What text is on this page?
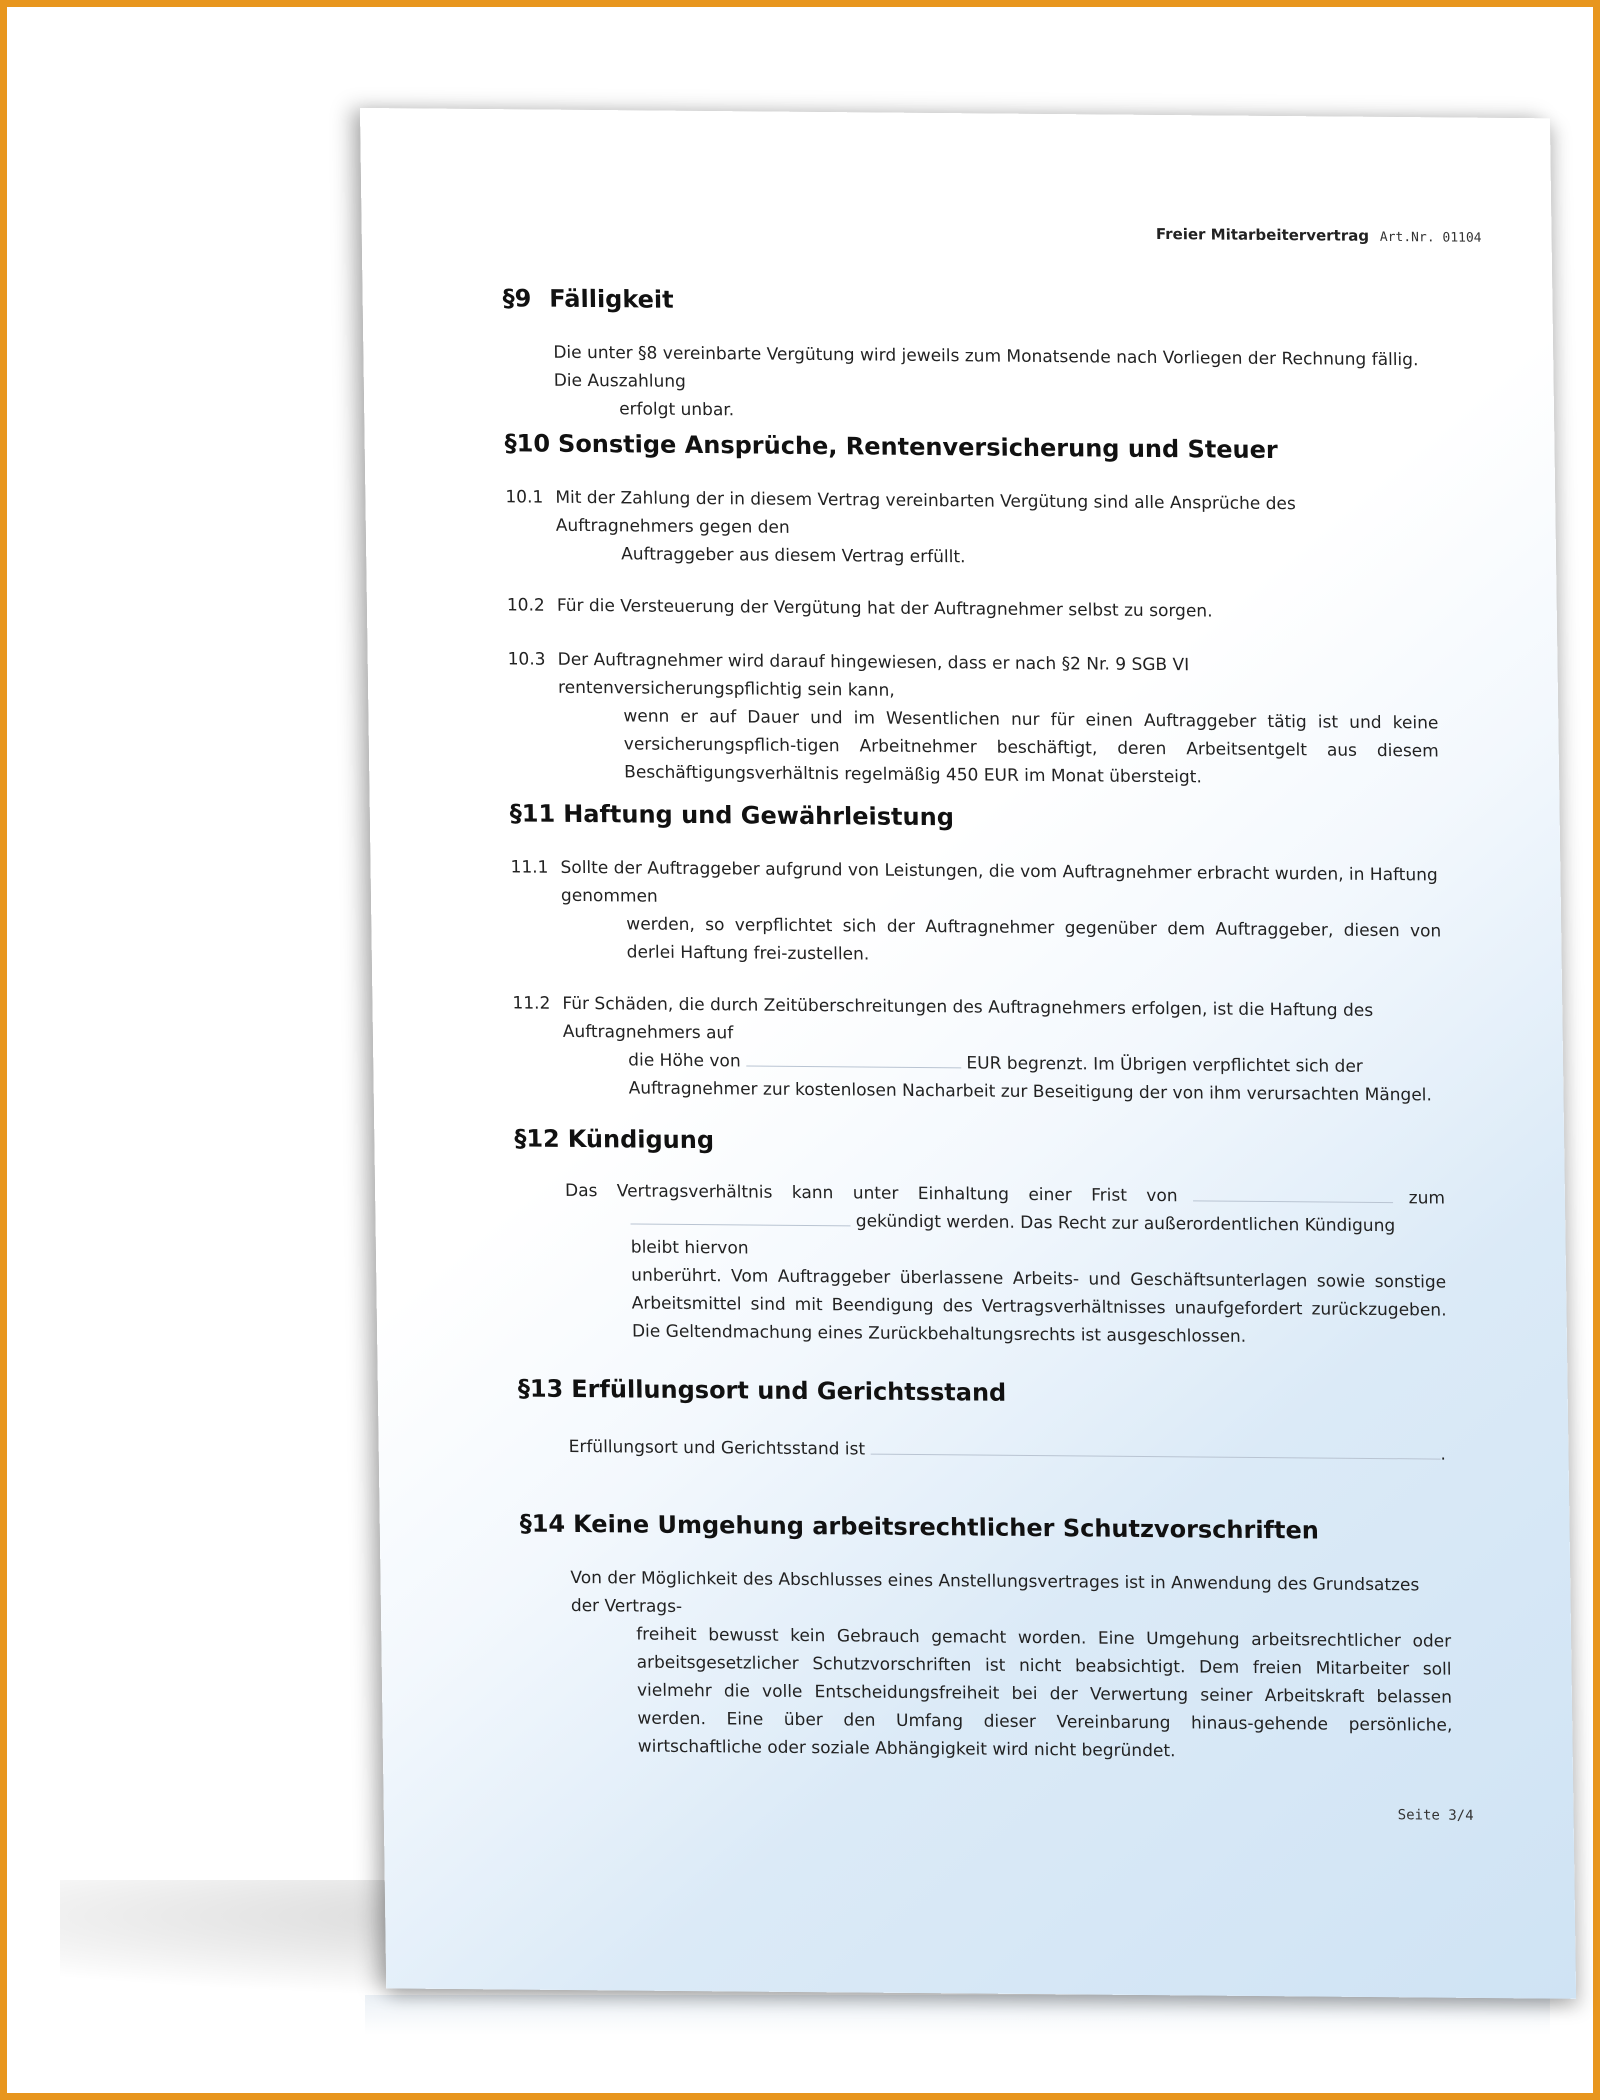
Freier Mitarbeitervertrag Art.Nr. 01104
§9 Fälligkeit

Die unter §8 vereinbarte Vergütung wird jeweils zum Monatsende nach Vorliegen der Rechnung fällig. Die Auszahlung

erfolgt unbar.

§10 Sonstige Ansprüche, Rentenversicherung und Steuer
10.1 Mit der Zahlung der in diesem Vertrag vereinbarten Vergütung sind alle Ansprüche des Auftragnehmers gegen den
Auftraggeber aus diesem Vertrag erfüllt.
10.2 Für die Versteuerung der Vergütung hat der Auftragnehmer selbst zu sorgen.
10.3 Der Auftragnehmer wird darauf hingewiesen, dass er nach §2 Nr. 9 SGB VI rentenversicherungspflichtig sein kann,
wenn er auf Dauer und im Wesentlichen nur für einen Auftraggeber tätig ist und keine versicherungspflich-tigen Arbeitnehmer beschäftigt, deren Arbeitsentgelt aus diesem Beschäftigungsverhältnis regelmäßig 450 EUR im Monat übersteigt.
§11 Haftung und Gewährleistung
11.1 Sollte der Auftraggeber aufgrund von Leistungen, die vom Auftragnehmer erbracht wurden, in Haftung genommen
werden, so verpflichtet sich der Auftragnehmer gegenüber dem Auftraggeber, diesen von derlei Haftung frei-zustellen.
11.2 Für Schäden, die durch Zeitüberschreitungen des Auftragnehmers erfolgen, ist die Haftung des Auftragnehmers auf
die Höhe von	EUR begrenzt. Im Übrigen verpflichtet sich der Auftragnehmer zur kostenlosen Nacharbeit zur Beseitigung der von ihm verursachten Mängel.
§12 Kündigung

Das Vertragsverhältnis kann unter Einhaltung einer Frist von	zum

gekündigt werden. Das Recht zur außerordentlichen Kündigung bleibt hiervon

unberührt. Vom Auftraggeber überlassene Arbeits- und Geschäftsunterlagen sowie sonstige Arbeitsmittel sind mit Beendigung des Vertragsverhältnisses unaufgefordert zurückzugeben. Die Geltendmachung eines Zurückbehaltungsrechts ist ausgeschlossen.

§13 Erfüllungsort und Gerichtsstand

Erfüllungsort und Gerichtsstand ist	.

§14 Keine Umgehung arbeitsrechtlicher Schutzvorschriften

Von der Möglichkeit des Abschlusses eines Anstellungsvertrages ist in Anwendung des Grundsatzes der Vertrags-

freiheit bewusst kein Gebrauch gemacht worden. Eine Umgehung arbeitsrechtlicher oder arbeitsgesetzlicher Schutzvorschriften ist nicht beabsichtigt. Dem freien Mitarbeiter soll vielmehr die volle Entscheidungsfreiheit bei der Verwertung seiner Arbeitskraft belassen werden. Eine über den Umfang dieser Vereinbarung hinaus-gehende persönliche, wirtschaftliche oder soziale Abhängigkeit wird nicht begründet.

Seite 3/4
